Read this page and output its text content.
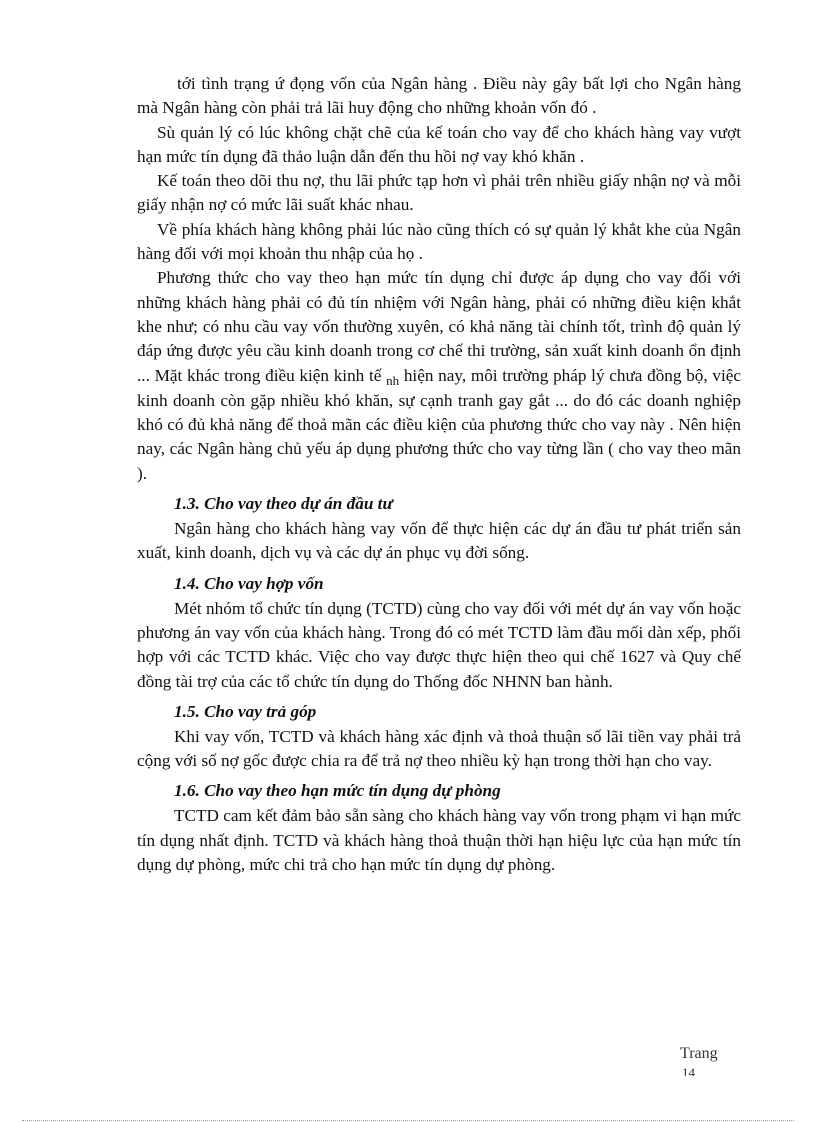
tới tình trạng ứ đọng vốn của Ngân hàng . Điều này gây bất lợi cho Ngân hàng mà Ngân hàng còn phải trả lãi huy động cho những khoản vốn đó .

Sù quản lý có lúc không chặt chẽ của kế toán cho vay để cho khách hàng vay vượt hạn mức tín dụng đã thảo luận dẫn đến thu hồi nợ vay khó khăn .

Kế toán theo dõi thu nợ, thu lãi phức tạp hơn vì phải trên nhiều giấy nhận nợ và mỗi giấy nhận nợ có mức lãi suất khác nhau.

Về phía khách hàng không phải lúc nào cũng thích có sự quản lý khắt khe của Ngân hàng đối với mọi khoản thu nhập của họ .

Phương thức cho vay theo hạn mức tín dụng chỉ được áp dụng cho vay đối với những khách hàng phải có đủ tín nhiệm với Ngân hàng, phải có những điều kiện khắt khe như; có nhu cầu vay vốn thường xuyên, có khả năng tài chính tốt, trình độ quản lý đáp ứng được yêu cầu kinh doanh trong cơ chế thi trường, sản xuất kinh doanh ổn định ... Mặt khác trong điều kiện kinh tế $_{nh}$ hiện nay, môi trường pháp lý chưa đồng bộ, việc kinh doanh còn gặp nhiều khó khăn, sự cạnh tranh gay gắt ... do đó các doanh nghiệp khó có đủ khả năng để thoả mãn các điều kiện của phương thức cho vay này . Nên hiện nay, các Ngân hàng chủ yếu áp dụng phương thức cho vay từng lần ( cho vay theo mãn ).

1.3. Cho vay theo dự án đầu tư

Ngân hàng cho khách hàng vay vốn để thực hiện các dự án đầu tư phát triển sản xuất, kinh doanh, dịch vụ và các dự án phục vụ đời sống.

1.4. Cho vay hợp vốn

Mét nhóm tổ chức tín dụng (TCTD) cùng cho vay đối với mét dự án vay vốn hoặc phương án vay vốn của khách hàng. Trong đó có mét TCTD làm đầu mối dàn xếp, phối hợp với các TCTD khác. Việc cho vay được thực hiện theo qui chế 1627 và Quy chế đồng tài trợ của các tổ chức tín dụng do Thống đốc NHNN ban hành.

1.5. Cho vay trả góp

Khi vay vốn, TCTD và khách hàng xác định và thoả thuận số lãi tiền vay phải trả cộng với số nợ gốc được chia ra để trả nợ theo nhiều kỳ hạn trong thời hạn cho vay.

1.6. Cho vay theo hạn mức tín dụng dự phòng

TCTD cam kết đảm bảo sẵn sàng cho khách hàng vay vốn trong phạm vi hạn mức tín dụng nhất định. TCTD và khách hàng thoả thuận thời hạn hiệu lực của hạn mức tín dụng dự phòng, mức chi trả cho hạn mức tín dụng dự phòng.

Trang
14
